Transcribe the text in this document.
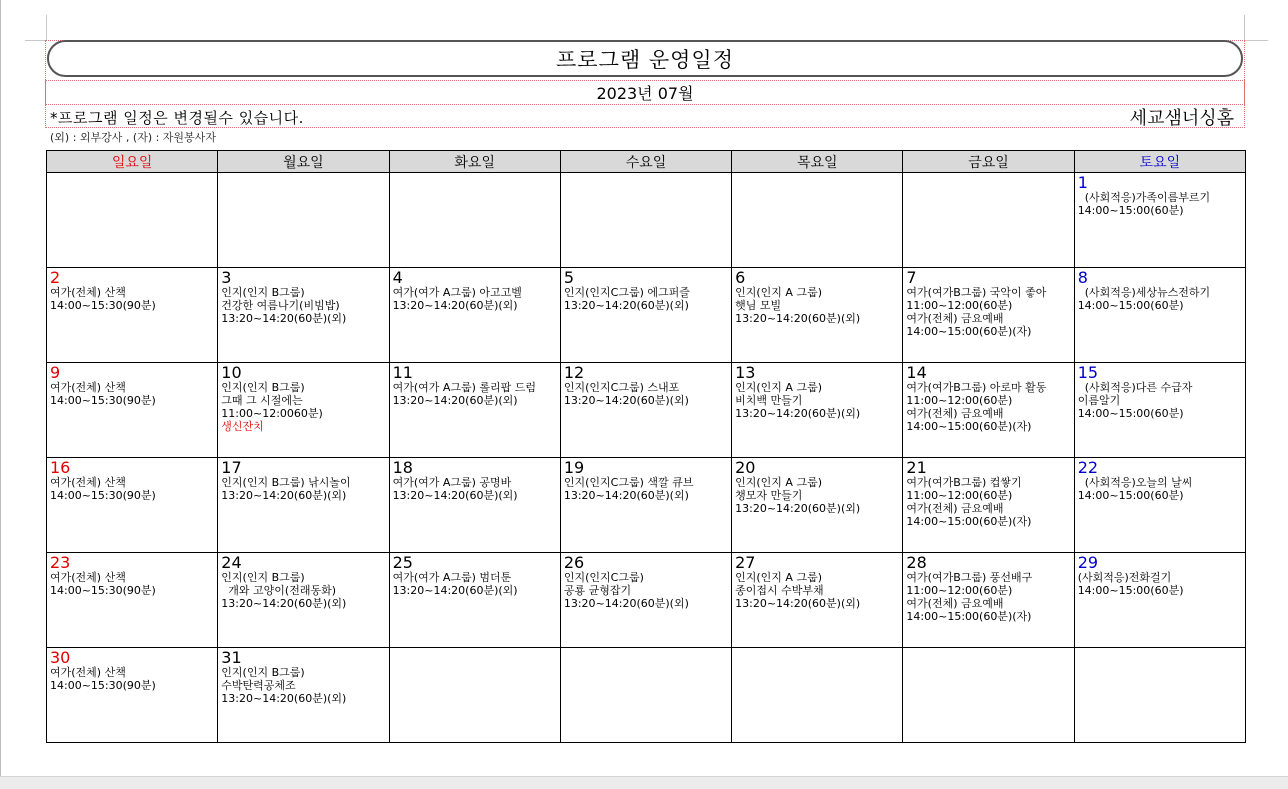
프로그램 운영일정
2023년 07월
*프로그램 일정은 변경될수 있습니다.	세교샘너싱홈
(외) : 외부강사 , (자) : 자원봉사자
일요일	월요일	화요일	수요일	목요일	금요일	토요일

						1
(사회적응)가족이름부르기
14:00~15:00(60분)

2
여가(전체) 산책
14:00~15:30(90분)	3
인지(인지 B그룹)
건강한 여름나기(비빔밥)
13:20~14:20(60분)(외)	4
여가(여가 A그룹) 아고고벨
13:20~14:20(60분)(외)	5
인지(인지C그룹) 에그퍼즐
13:20~14:20(60분)(외)	6
인지(인지 A 그룹)
햇님 모빌
13:20~14:20(60분)(외)	7
여가(여가B그룹) 국악이 좋아
11:00~12:00(60분)
여가(전체) 금요예배
14:00~15:00(60분)(자)	8
(사회적응)세상뉴스전하기
14:00~15:00(60분)

9
여가(전체) 산책
14:00~15:30(90분)	10
인지(인지 B그룹)
그때 그 시절에는
11:00~12:0060분)
생신잔치	11
여가(여가 A그룹) 롤리팝 드럼
13:20~14:20(60분)(외)	12
인지(인지C그룹) 스내포
13:20~14:20(60분)(외)	13
인지(인지 A 그룹)
비치백 만들기
13:20~14:20(60분)(외)	14
여가(여가B그룹) 아로마 활동
11:00~12:00(60분)
여가(전체) 금요예배
14:00~15:00(60분)(자)	15
(사회적응)다른 수급자
이름알기
14:00~15:00(60분)

16
여가(전체) 산책
14:00~15:30(90분)	17
인지(인지 B그룹) 낚시놀이
13:20~14:20(60분)(외)	18
여가(여가 A그룹) 공명바
13:20~14:20(60분)(외)	19
인지(인지C그룹) 색깔 큐브
13:20~14:20(60분)(외)	20
인지(인지 A 그룹)
챙모자 만들기
13:20~14:20(60분)(외)	21
여가(여가B그룹) 컵쌓기
11:00~12:00(60분)
여가(전체) 금요예배
14:00~15:00(60분)(자)	22
(사회적응)오늘의 날씨
14:00~15:00(60분)

23
여가(전체) 산책
14:00~15:30(90분)	24
인지(인지 B그룹)
개와 고양이(전래동화)
13:20~14:20(60분)(외)	25
여가(여가 A그룹) 범더툰
13:20~14:20(60분)(외)	26
인지(인지C그룹)
공룡 균형잡기
13:20~14:20(60분)(외)	27
인지(인지 A 그룹)
종이접시 수박부채
13:20~14:20(60분)(외)	28
여가(여가B그룹) 풍선배구
11:00~12:00(60분)
여가(전체) 금요예배
14:00~15:00(60분)(자)	29
(사회적응)전화걸기
14:00~15:00(60분)

30
여가(전체) 산책
14:00~15:30(90분)	31
인지(인지 B그룹)
수박탄력공체조
13:20~14:20(60분)(외)					
